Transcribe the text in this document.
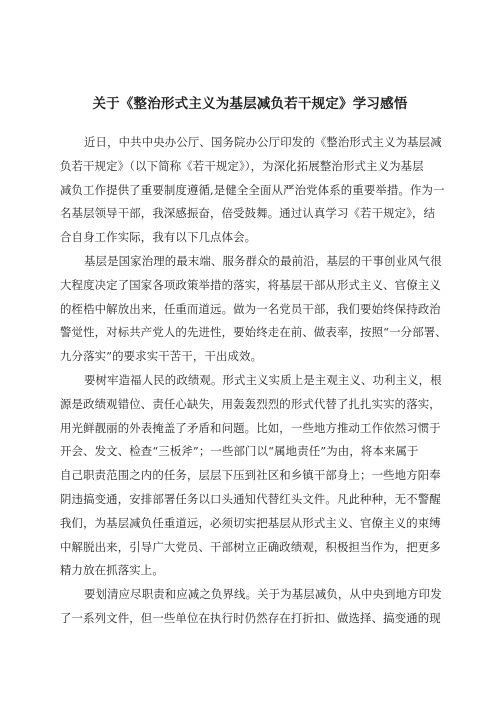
关于《整治形式主义为基层减负若干规定》学习感悟
近日，中共中央办公厅、国务院办公厅印发的《整治形式主义为基层减
负若干规定》（以下简称《若干规定》），为深化拓展整治形式主义为基层
减负工作提供了重要制度遵循,是健全全面从严治党体系的重要举措。作为一
名基层领导干部，我深感振奋，倍受鼓舞。通过认真学习《若干规定》，结
合自身工作实际，我有以下几点体会。
基层是国家治理的最末端、服务群众的最前沿，基层的干事创业风气很
大程度决定了国家各项政策举措的落实，将基层干部从形式主义、官僚主义
的桎梏中解放出来，任重而道远。做为一名党员干部，我们要始终保持政治
警觉性，对标共产党人的先进性，要始终走在前、做表率，按照“一分部署、
九分落实”的要求实干苦干，干出成效。
要树牢造福人民的政绩观。形式主义实质上是主观主义、功利主义，根
源是政绩观错位、责任心缺失，用轰轰烈烈的形式代替了扎扎实实的落实，
用光鲜靓丽的外表掩盖了矛盾和问题。比如，一些地方推动工作依然习惯于
开会、发文、检查“三板斧”；一些部门以“属地责任”为由，将本来属于
自己职责范围之内的任务，层层下压到社区和乡镇干部身上；一些地方阳奉
阴违搞变通，安排部署任务以口头通知代替红头文件。凡此种种，无不警醒
我们，为基层减负任重道远，必须切实把基层从形式主义、官僚主义的束缚
中解脱出来，引导广大党员、干部树立正确政绩观，积极担当作为，把更多
精力放在抓落实上。
要划清应尽职责和应减之负界线。关于为基层减负，从中央到地方印发
了一系列文件，但一些单位在执行时仍然存在打折扣、做选择、搞变通的现
